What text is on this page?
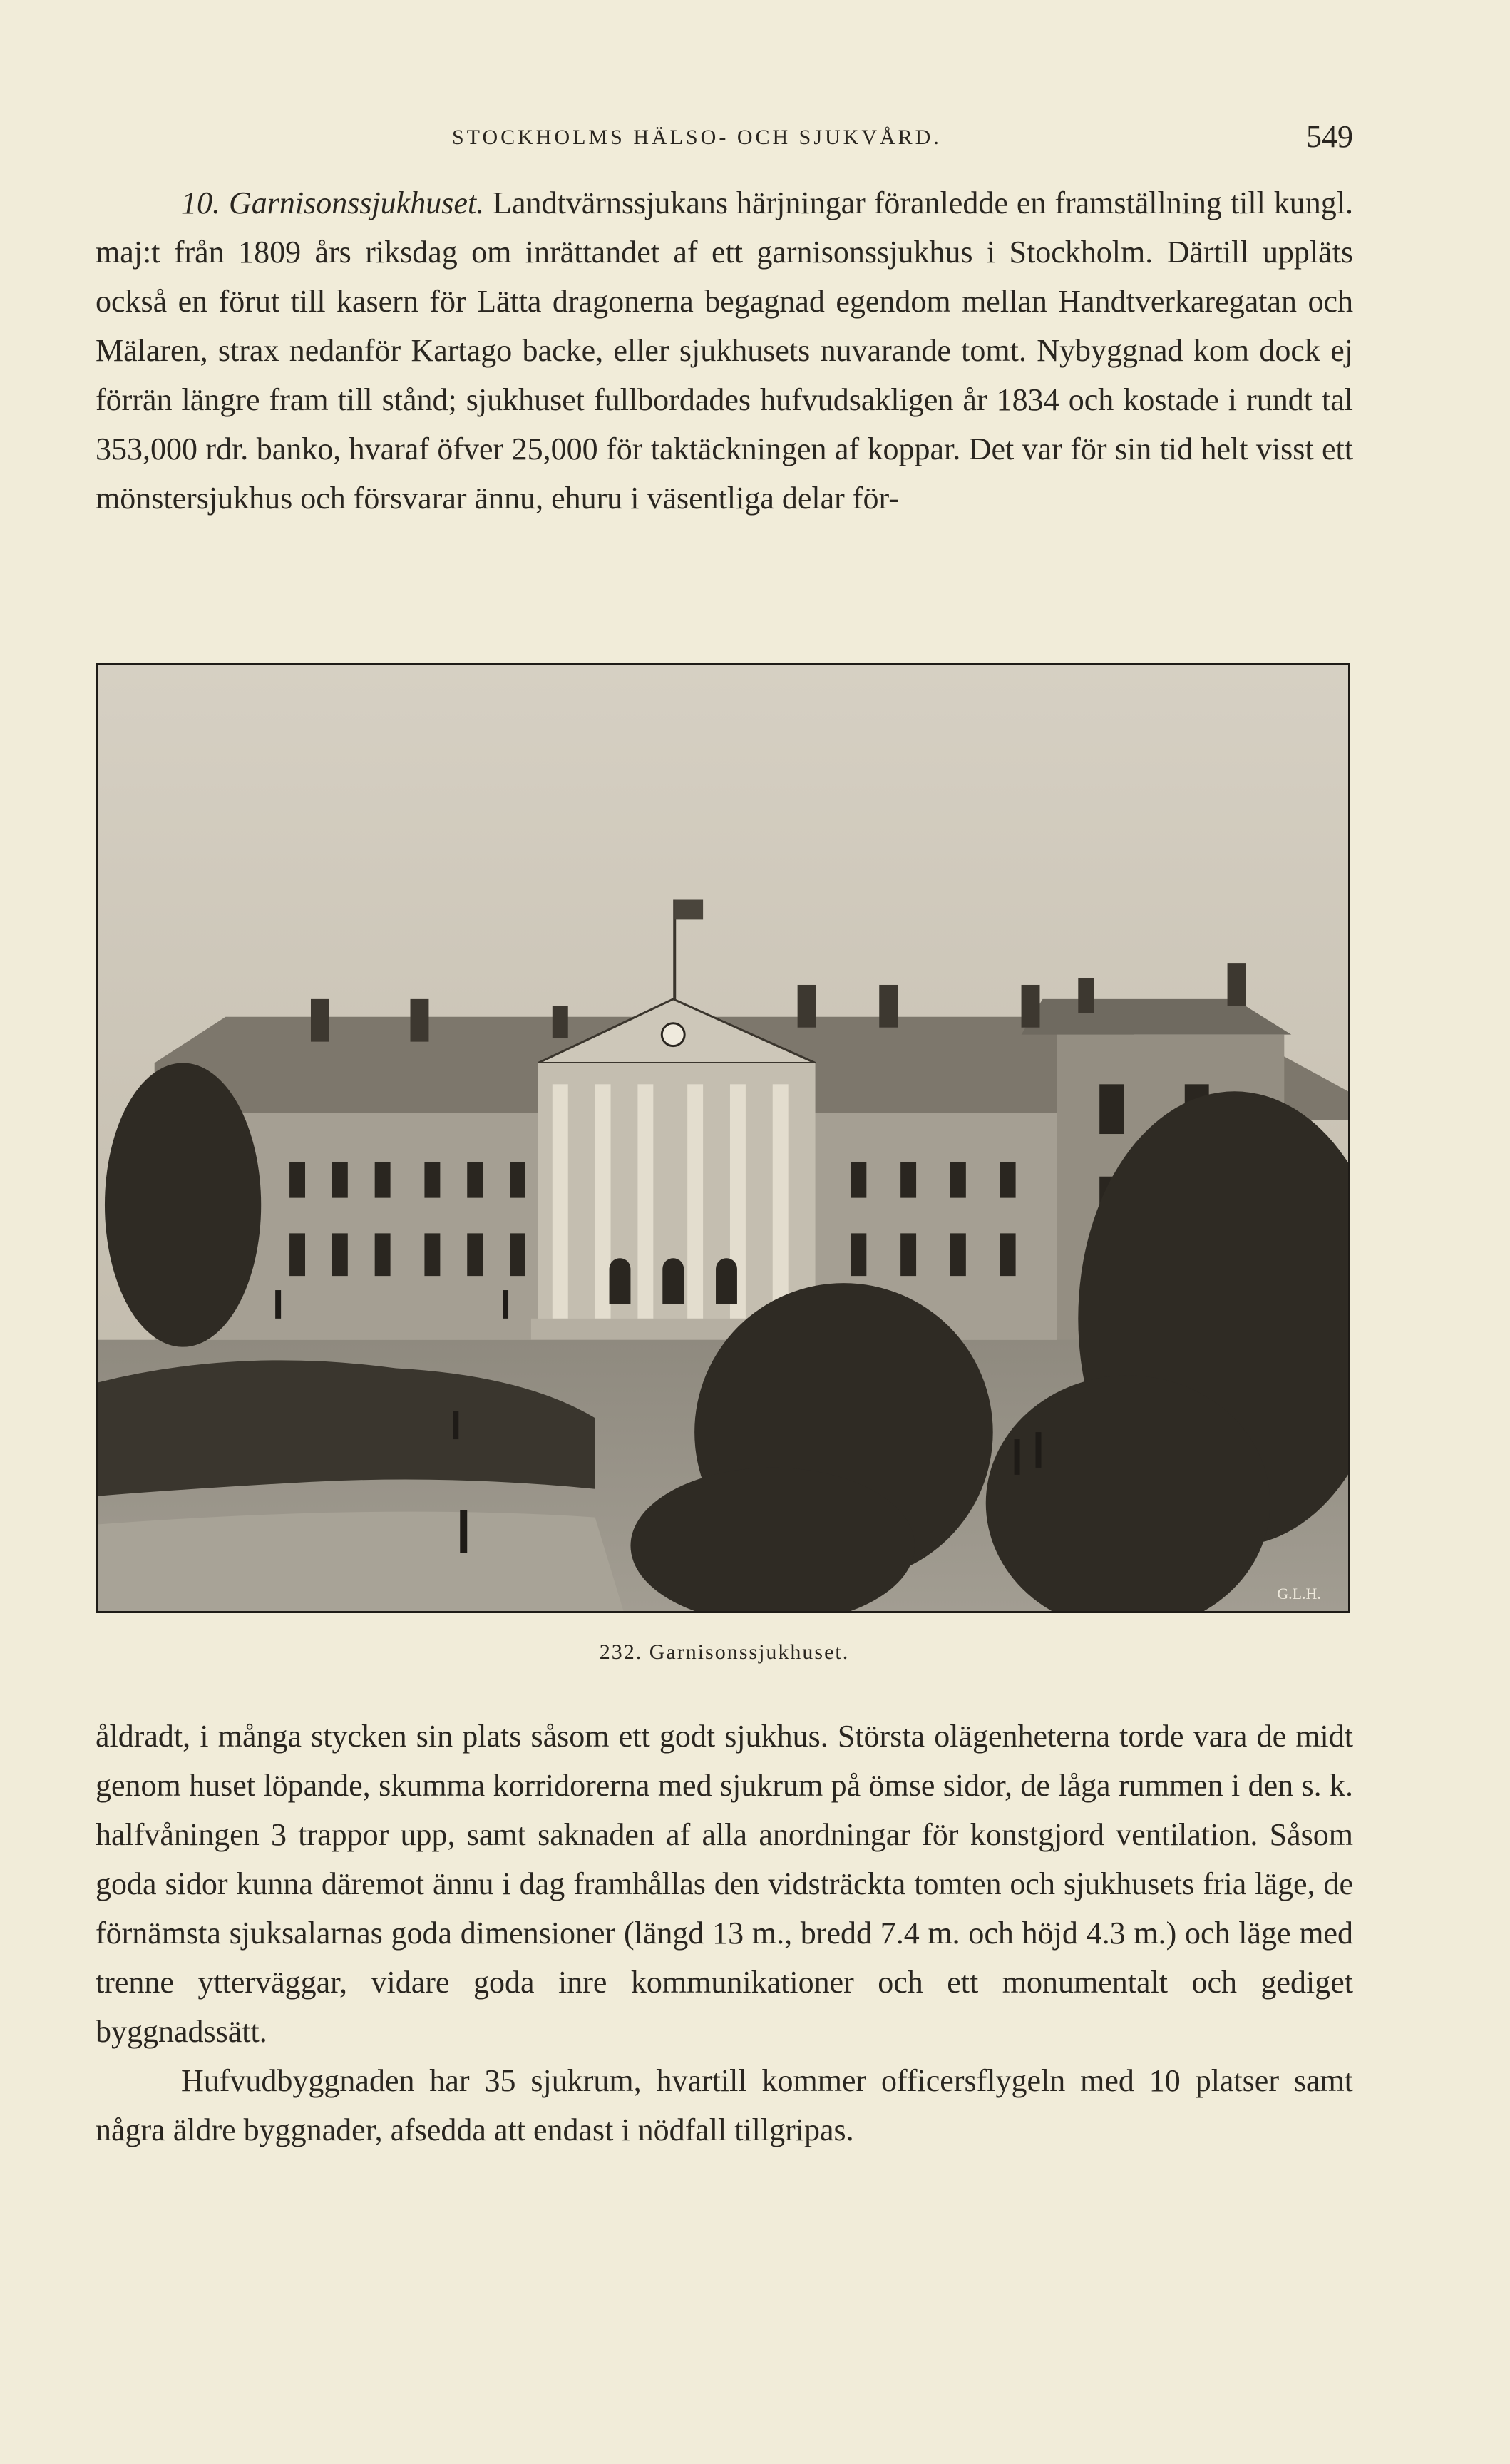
STOCKHOLMS HÄLSO- OCH SJUKVÅRD.	549

10. Garnisonssjukhuset. Landtvärnssjukans härjningar föranledde en framställning till kungl. maj:t från 1809 års riksdag om inrättandet af ett garnisonssjukhus i Stockholm. Därtill uppläts också en förut till kasern för Lätta dragonerna begagnad egendom mellan Handtverkaregatan och Mälaren, strax nedanför Kartago backe, eller sjukhusets nuvarande tomt. Nybyggnad kom dock ej förrän längre fram till stånd; sjukhuset fullbordades hufvudsakligen år 1834 och kostade i rundt tal 353,000 rdr. banko, hvaraf öfver 25,000 för taktäckningen af koppar. Det var för sin tid helt visst ett mönstersjukhus och försvarar ännu, ehuru i väsentliga delar för-

G.L.H.
232. Garnisonssjukhuset.

åldradt, i många stycken sin plats såsom ett godt sjukhus. Största olägenheterna torde vara de midt genom huset löpande, skumma korridorerna med sjukrum på ömse sidor, de låga rummen i den s. k. halfvåningen 3 trappor upp, samt saknaden af alla anordningar för konstgjord ventilation. Såsom goda sidor kunna däremot ännu i dag framhållas den vidsträckta tomten och sjukhusets fria läge, de förnämsta sjuksalarnas goda dimensioner (längd 13 m., bredd 7.4 m. och höjd 4.3 m.) och läge med trenne ytterväggar, vidare goda inre kommunikationer och ett monumentalt och gediget byggnadssätt.

Hufvudbyggnaden har 35 sjukrum, hvartill kommer officersflygeln med 10 platser samt några äldre byggnader, afsedda att endast i nödfall tillgripas.
